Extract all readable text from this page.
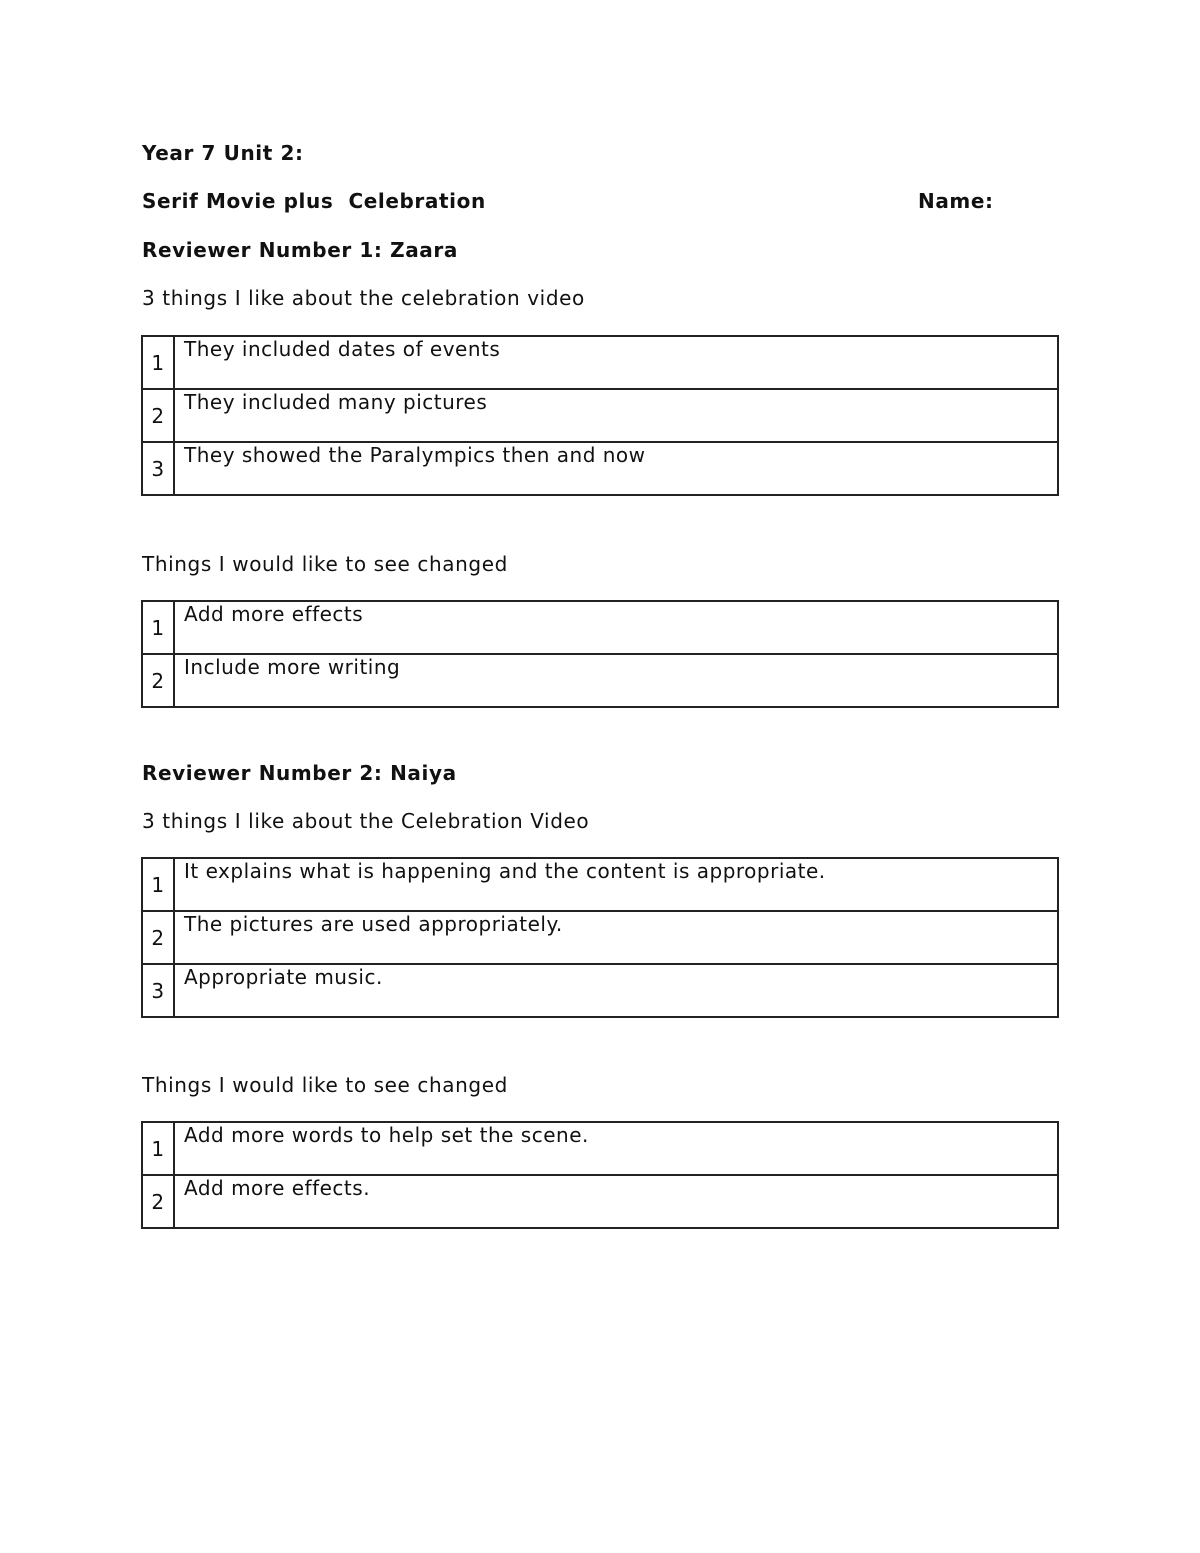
Year 7 Unit 2:
Serif Movie plus  Celebration	Name:
Reviewer Number 1: Zaara
3 things I like about the celebration video
1	They included dates of events
2	They included many pictures
3	They showed the Paralympics then and now
Things I would like to see changed
1	Add more effects
2	Include more writing
Reviewer Number 2: Naiya
3 things I like about the Celebration Video
1	It explains what is happening and the content is appropriate.
2	The pictures are used appropriately.
3	Appropriate music.
Things I would like to see changed
1	Add more words to help set the scene.
2	Add more effects.
